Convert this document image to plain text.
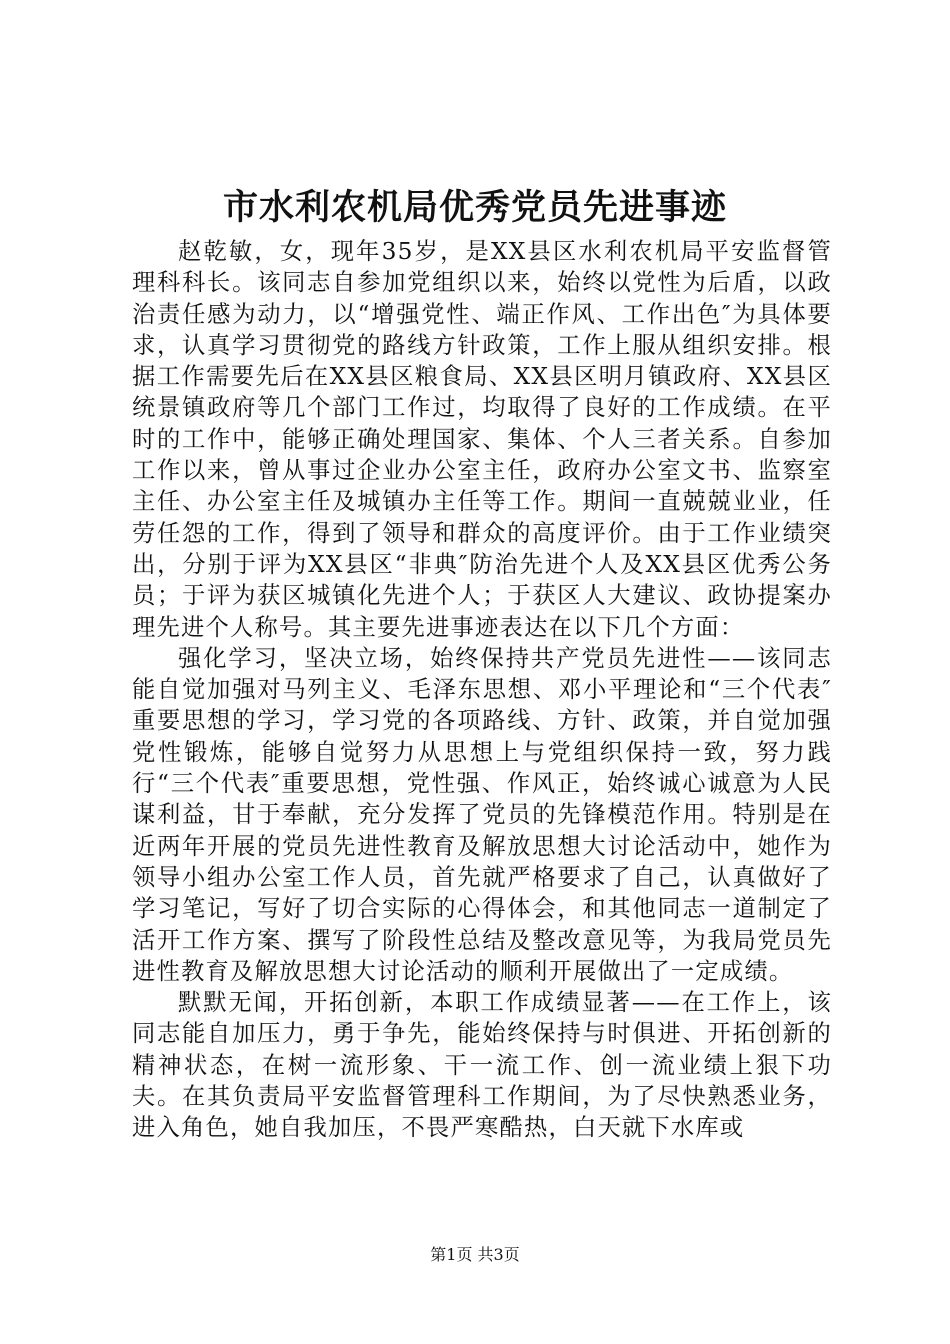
市水利农机局优秀党员先进事迹

赵乾敏，女，现年35岁，是XX县区水利农机局平安监督管理科科长。该同志自参加党组织以来，始终以党性为后盾，以政治责任感为动力，以“增强党性、端正作风、工作出色″为具体要求，认真学习贯彻党的路线方针政策，工作上服从组织安排。根据工作需要先后在XX县区粮食局、XX县区明月镇政府、XX县区统景镇政府等几个部门工作过，均取得了良好的工作成绩。在平时的工作中，能够正确处理国家、集体、个人三者关系。自参加工作以来，曾从事过企业办公室主任，政府办公室文书、监察室主任、办公室主任及城镇办主任等工作。期间一直兢兢业业，任劳任怨的工作，得到了领导和群众的高度评价。由于工作业绩突出，分别于评为XX县区“非典″防治先进个人及XX县区优秀公务员；于评为获区城镇化先进个人；于获区人大建议、政协提案办理先进个人称号。其主要先进事迹表达在以下几个方面：

强化学习，坚决立场，始终保持共产党员先进性——该同志能自觉加强对马列主义、毛泽东思想、邓小平理论和“三个代表″重要思想的学习，学习党的各项路线、方针、政策，并自觉加强党性锻炼，能够自觉努力从思想上与党组织保持一致，努力践行“三个代表″重要思想，党性强、作风正，始终诚心诚意为人民谋利益，甘于奉献，充分发挥了党员的先锋模范作用。特别是在近两年开展的党员先进性教育及解放思想大讨论活动中，她作为领导小组办公室工作人员，首先就严格要求了自己，认真做好了学习笔记，写好了切合实际的心得体会，和其他同志一道制定了活开工作方案、撰写了阶段性总结及整改意见等，为我局党员先进性教育及解放思想大讨论活动的顺利开展做出了一定成绩。

默默无闻，开拓创新，本职工作成绩显著——在工作上，该同志能自加压力，勇于争先，能始终保持与时俱进、开拓创新的精神状态，在树一流形象、干一流工作、创一流业绩上狠下功夫。在其负责局平安监督管理科工作期间，为了尽快熟悉业务，进入角色，她自我加压，不畏严寒酷热，白天就下水库或

第1页 共3页
